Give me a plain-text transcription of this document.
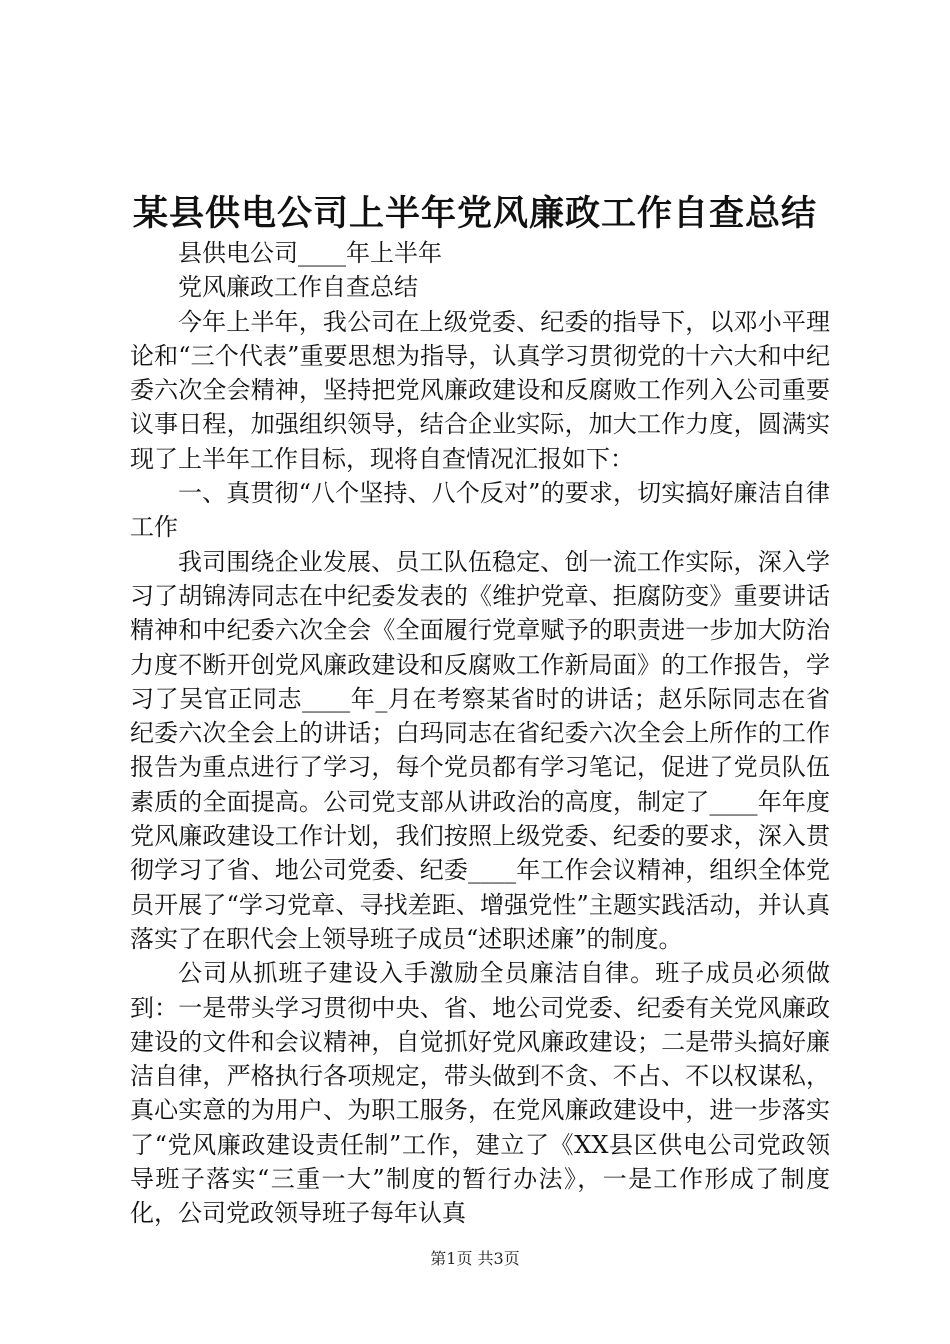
某县供电公司上半年党风廉政工作自查总结

县供电公司____年上半年

党风廉政工作自查总结

今年上半年，我公司在上级党委、纪委的指导下，以邓小平理论和“三个代表”重要思想为指导，认真学习贯彻党的十六大和中纪委六次全会精神，坚持把党风廉政建设和反腐败工作列入公司重要议事日程，加强组织领导，结合企业实际，加大工作力度，圆满实现了上半年工作目标，现将自查情况汇报如下：

一、真贯彻“八个坚持、八个反对”的要求，切实搞好廉洁自律工作

我司围绕企业发展、员工队伍稳定、创一流工作实际，深入学习了胡锦涛同志在中纪委发表的《维护党章、拒腐防变》重要讲话精神和中纪委六次全会《全面履行党章赋予的职责进一步加大防治力度不断开创党风廉政建设和反腐败工作新局面》的工作报告，学习了吴官正同志____年_月在考察某省时的讲话；赵乐际同志在省纪委六次全会上的讲话；白玛同志在省纪委六次全会上所作的工作报告为重点进行了学习，每个党员都有学习笔记，促进了党员队伍素质的全面提高。公司党支部从讲政治的高度，制定了____年年度党风廉政建设工作计划，我们按照上级党委、纪委的要求，深入贯彻学习了省、地公司党委、纪委____年工作会议精神，组织全体党员开展了“学习党章、寻找差距、增强党性”主题实践活动，并认真落实了在职代会上领导班子成员“述职述廉”的制度。

公司从抓班子建设入手激励全员廉洁自律。班子成员必须做到：一是带头学习贯彻中央、省、地公司党委、纪委有关党风廉政建设的文件和会议精神，自觉抓好党风廉政建设；二是带头搞好廉洁自律，严格执行各项规定，带头做到不贪、不占、不以权谋私，真心实意的为用户、为职工服务，在党风廉政建设中，进一步落实了“党风廉政建设责任制”工作，建立了《XX县区供电公司党政领导班子落实“三重一大”制度的暂行办法》，一是工作形成了制度化，公司党政领导班子每年认真

第1页 共3页
